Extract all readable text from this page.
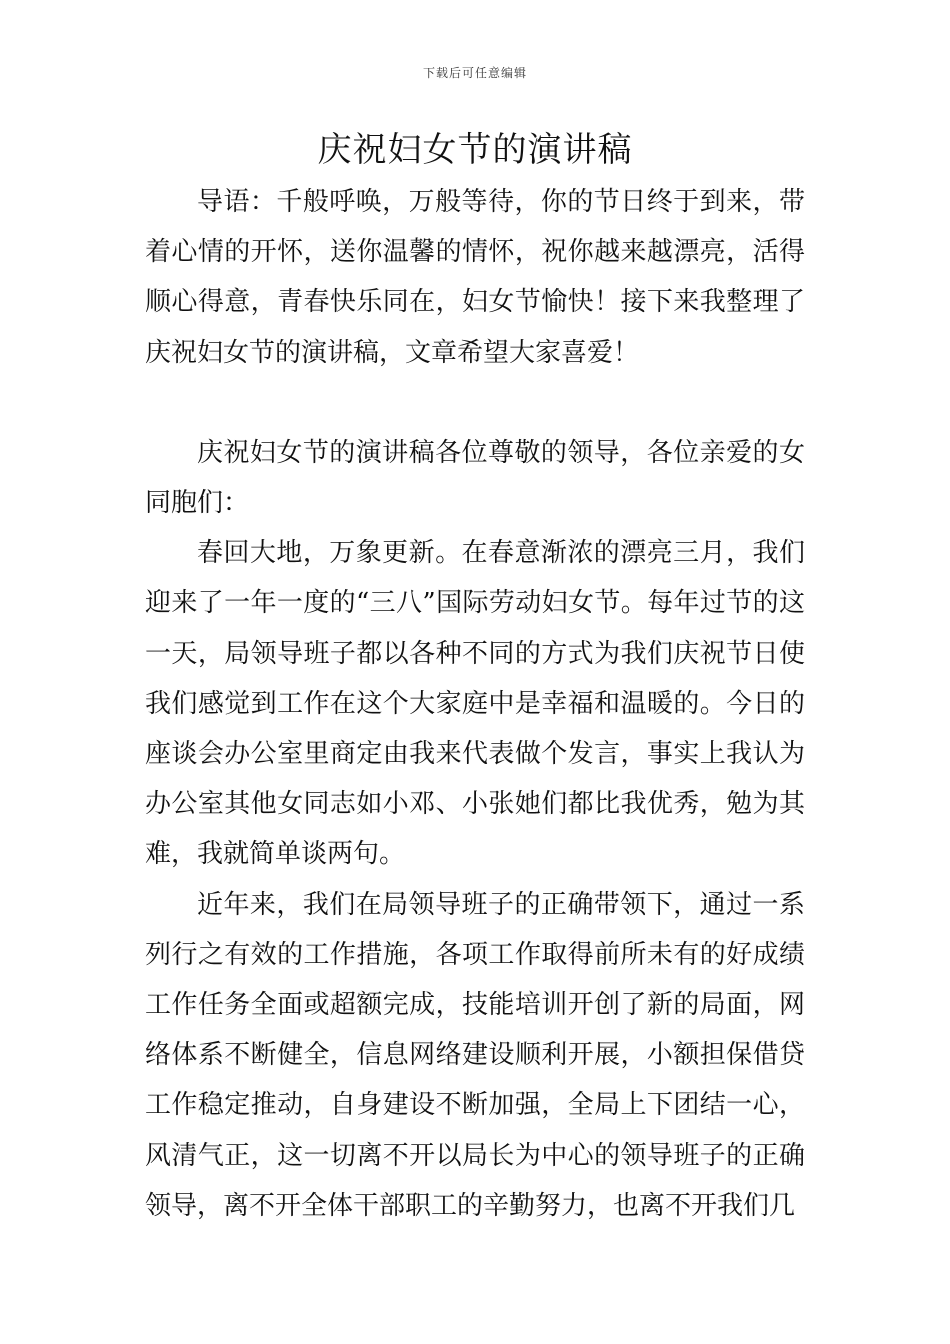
下载后可任意编辑
庆祝妇女节的演讲稿

导语：千般呼唤，万般等待，你的节日终于到来，带着心情的开怀，送你温馨的情怀，祝你越来越漂亮，活得顺心得意，青春快乐同在，妇女节愉快！接下来我整理了庆祝妇女节的演讲稿，文章希望大家喜爱！

庆祝妇女节的演讲稿各位尊敬的领导，各位亲爱的女同胞们：

春回大地，万象更新。在春意渐浓的漂亮三月，我们迎来了一年一度的“三八”国际劳动妇女节。每年过节的这一天，局领导班子都以各种不同的方式为我们庆祝节日使我们感觉到工作在这个大家庭中是幸福和温暖的。今日的座谈会办公室里商定由我来代表做个发言，事实上我认为办公室其他女同志如小邓、小张她们都比我优秀，勉为其难，我就简单谈两句。

近年来，我们在局领导班子的正确带领下，通过一系列行之有效的工作措施，各项工作取得前所未有的好成绩工作任务全面或超额完成，技能培训开创了新的局面，网络体系不断健全，信息网络建设顺利开展，小额担保借贷工作稳定推动，自身建设不断加强，全局上下团结一心，风清气正，这一切离不开以局长为中心的领导班子的正确领导，离不开全体干部职工的辛勤努力，也离不开我们几
